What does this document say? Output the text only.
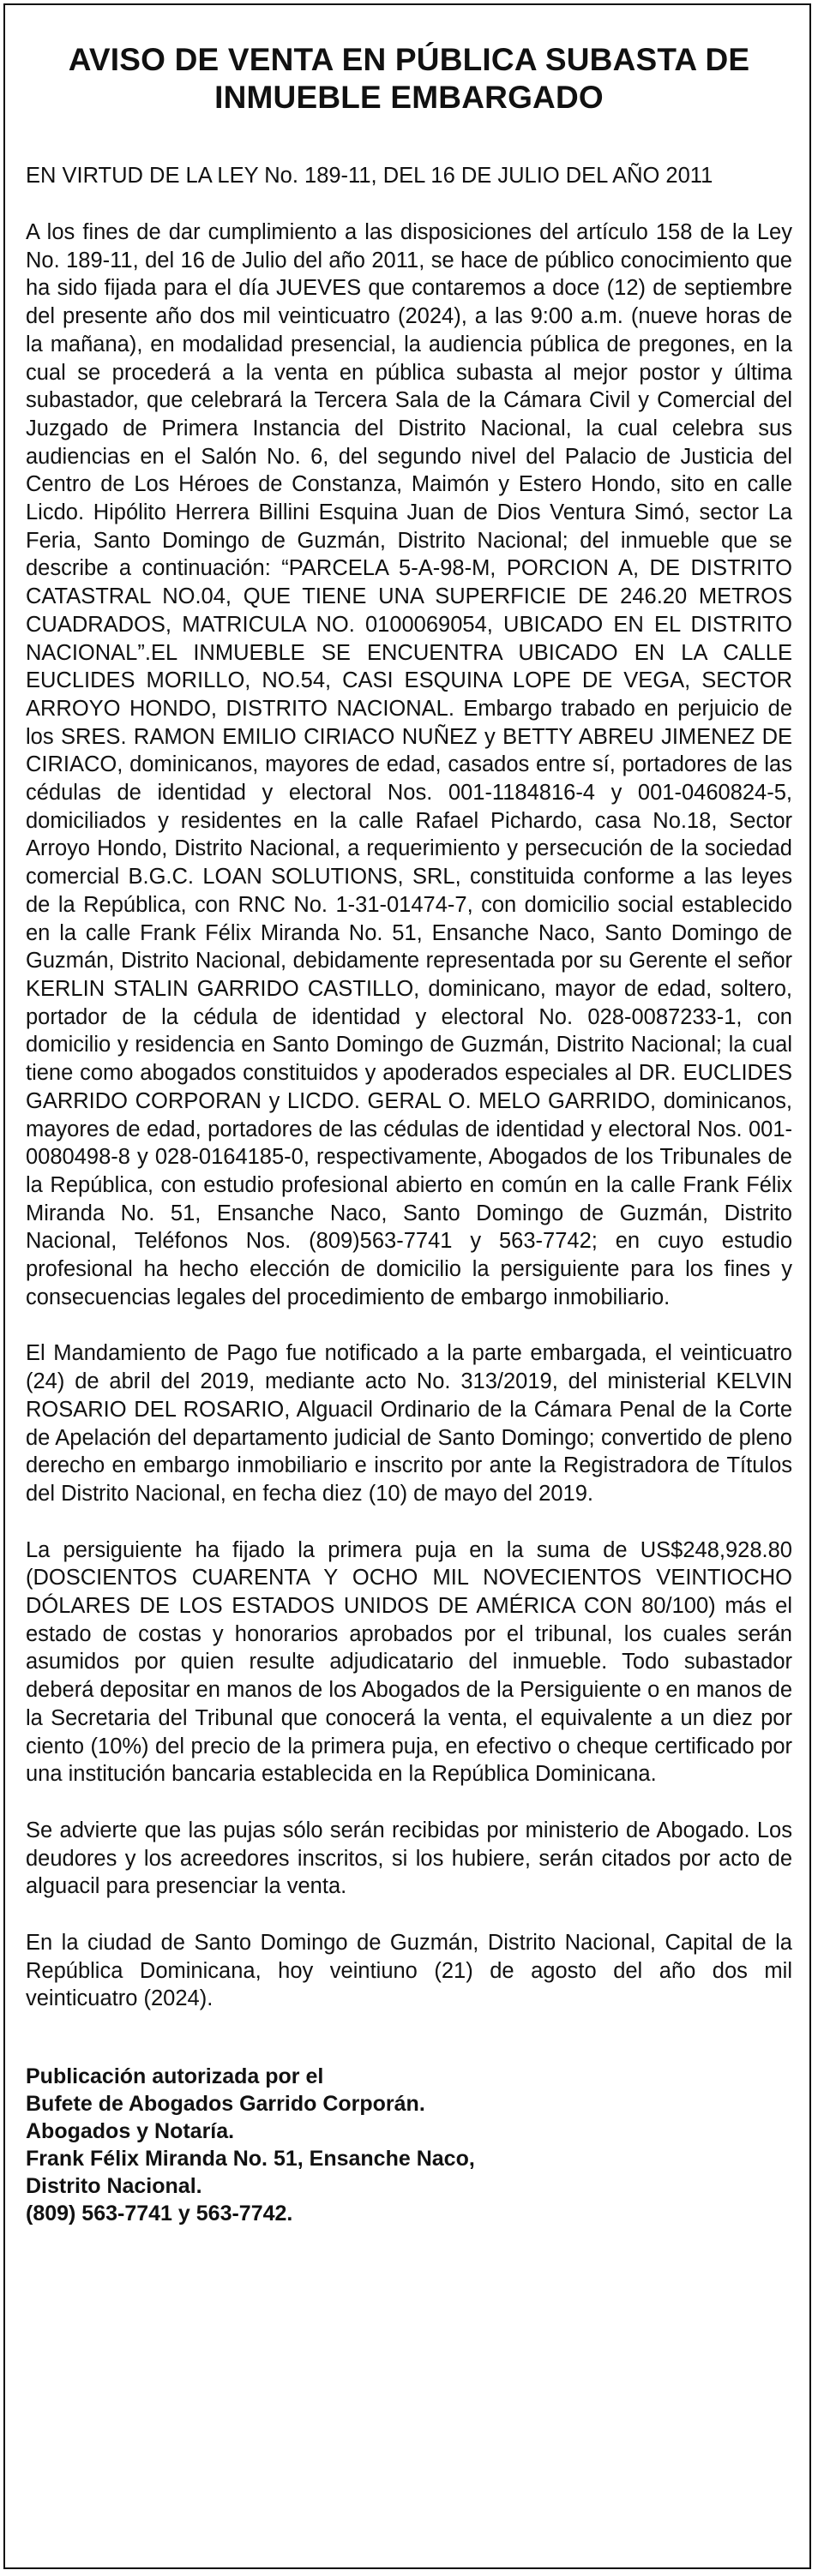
AVISO DE VENTA EN PÚBLICA SUBASTA DE
INMUEBLE EMBARGADO

EN VIRTUD DE LA LEY No. 189-11, DEL 16 DE JULIO DEL AÑO 2011

A los fines de dar cumplimiento a las disposiciones del artículo 158 de la Ley No. 189-11, del 16 de Julio del año 2011, se hace de público conocimiento que ha sido fijada para el día JUEVES que contaremos a doce (12) de septiembre del presente año dos mil veinticuatro (2024), a las 9:00 a.m. (nueve horas de la mañana), en modalidad presencial, la audiencia pública de pregones, en la cual se procederá a la venta en pública subasta al mejor postor y última subastador, que celebrará la Tercera Sala de la Cámara Civil y Comercial del Juzgado de Primera Instancia del Distrito Nacional, la cual celebra sus audiencias en el Salón No. 6, del segundo nivel del Palacio de Justicia del Centro de Los Héroes de Constanza, Maimón y Estero Hondo, sito en calle Licdo. Hipólito Herrera Billini Esquina Juan de Dios Ventura Simó, sector La Feria, Santo Domingo de Guzmán, Distrito Nacional; del inmueble que se describe a continuación: “PARCELA 5-A-98-M, PORCION A, DE DISTRITO CATASTRAL NO.04, QUE TIENE UNA SUPERFICIE DE 246.20 METROS CUADRADOS, MATRICULA NO. 0100069054, UBICADO EN EL DISTRITO NACIONAL”.EL INMUEBLE SE ENCUENTRA UBICADO EN LA CALLE EUCLIDES MORILLO, NO.54, CASI ESQUINA LOPE DE VEGA, SECTOR ARROYO HONDO, DISTRITO NACIONAL. Embargo trabado en perjuicio de los SRES. RAMON EMILIO CIRIACO NUÑEZ y BETTY ABREU JIMENEZ DE CIRIACO, dominicanos, mayores de edad, casados entre sí, portadores de las cédulas de identidad y electoral Nos. 001-1184816-4 y 001-0460824-5, domiciliados y residentes en la calle Rafael Pichardo, casa No.18, Sector Arroyo Hondo, Distrito Nacional, a requerimiento y persecución de la sociedad comercial B.G.C. LOAN SOLUTIONS, SRL, constituida conforme a las leyes de la República, con RNC No. 1-31-01474-7, con domicilio social establecido en la calle Frank Félix Miranda No. 51, Ensanche Naco, Santo Domingo de Guzmán, Distrito Nacional, debidamente representada por su Gerente el señor KERLIN STALIN GARRIDO CASTILLO, dominicano, mayor de edad, soltero, portador de la cédula de identidad y electoral No. 028-0087233-1, con domicilio y residencia en Santo Domingo de Guzmán, Distrito Nacional; la cual tiene como abogados constituidos y apoderados especiales al DR. EUCLIDES GARRIDO CORPORAN y LICDO. GERAL O. MELO GARRIDO, dominicanos, mayores de edad, portadores de las cédulas de identidad y electoral Nos. 001-0080498-8 y 028-0164185-0, respectivamente, Abogados de los Tribunales de la República, con estudio profesional abierto en común en la calle Frank Félix Miranda No. 51, Ensanche Naco, Santo Domingo de Guzmán, Distrito Nacional, Teléfonos Nos. (809)563-7741 y 563-7742; en cuyo estudio profesional ha hecho elección de domicilio la persiguiente para los fines y consecuencias legales del procedimiento de embargo inmobiliario.

El Mandamiento de Pago fue notificado a la parte embargada, el veinticuatro (24) de abril del 2019, mediante acto No. 313/2019, del ministerial KELVIN ROSARIO DEL ROSARIO, Alguacil Ordinario de la Cámara Penal de la Corte de Apelación del departamento judicial de Santo Domingo; convertido de pleno derecho en embargo inmobiliario e inscrito por ante la Registradora de Títulos del Distrito Nacional, en fecha diez (10) de mayo del 2019.

La persiguiente ha fijado la primera puja en la suma de US$248,928.80 (DOSCIENTOS CUARENTA Y OCHO MIL NOVECIENTOS VEINTIOCHO DÓLARES DE LOS ESTADOS UNIDOS DE AMÉRICA CON 80/100) más el estado de costas y honorarios aprobados por el tribunal, los cuales serán asumidos por quien resulte adjudicatario del inmueble. Todo subastador deberá depositar en manos de los Abogados de la Persiguiente o en manos de la Secretaria del Tribunal que conocerá la venta, el equivalente a un diez por ciento (10%) del precio de la primera puja, en efectivo o cheque certificado por una institución bancaria establecida en la República Dominicana.

Se advierte que las pujas sólo serán recibidas por ministerio de Abogado. Los deudores y los acreedores inscritos, si los hubiere, serán citados por acto de alguacil para presenciar la venta.

En la ciudad de Santo Domingo de Guzmán, Distrito Nacional, Capital de la República Dominicana, hoy veintiuno (21) de agosto del año dos mil veinticuatro (2024).

Publicación autorizada por el
Bufete de Abogados Garrido Corporán.
Abogados y Notaría.
Frank Félix Miranda No. 51, Ensanche Naco,
Distrito Nacional.
(809) 563-7741 y 563-7742.
